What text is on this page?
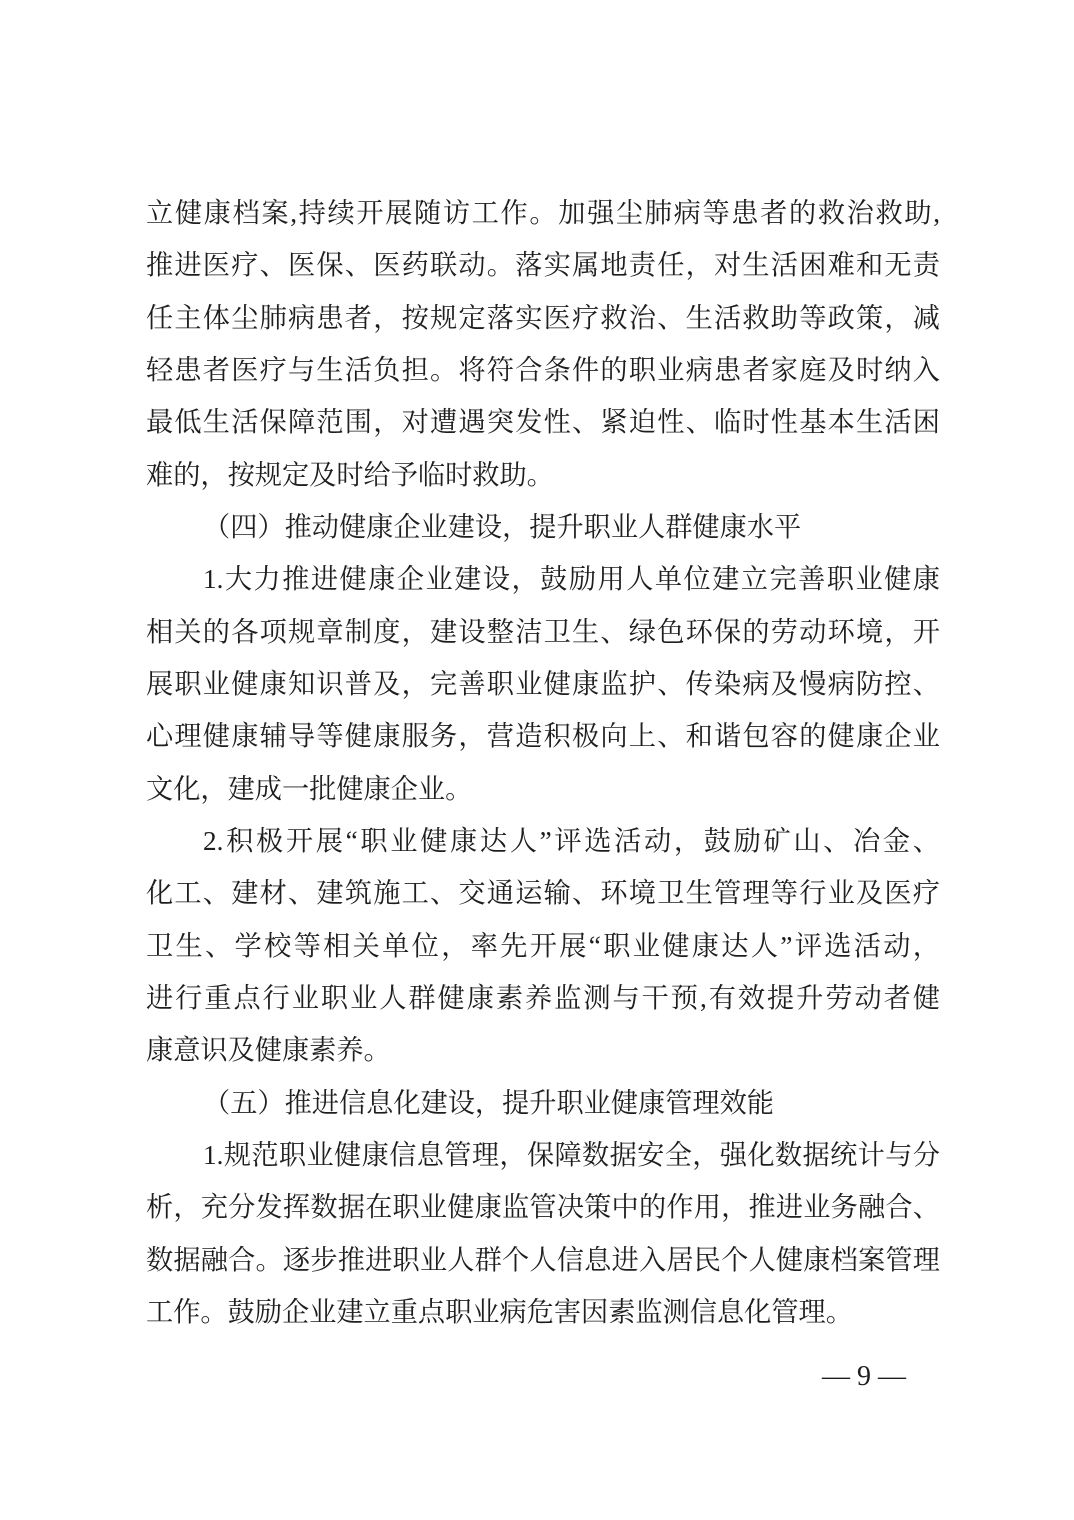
立健康档案,持续开展随访工作。加强尘肺病等患者的救治救助,
推进医疗、医保、医药联动。落实属地责任，对生活困难和无责
任主体尘肺病患者，按规定落实医疗救治、生活救助等政策，减
轻患者医疗与生活负担。将符合条件的职业病患者家庭及时纳入
最低生活保障范围，对遭遇突发性、紧迫性、临时性基本生活困
难的，按规定及时给予临时救助。
（四）推动健康企业建设，提升职业人群健康水平
1.大力推进健康企业建设，鼓励用人单位建立完善职业健康
相关的各项规章制度，建设整洁卫生、绿色环保的劳动环境，开
展职业健康知识普及，完善职业健康监护、传染病及慢病防控、
心理健康辅导等健康服务，营造积极向上、和谐包容的健康企业
文化，建成一批健康企业。
2.积极开展“职业健康达人”评选活动，鼓励矿山、冶金、
化工、建材、建筑施工、交通运输、环境卫生管理等行业及医疗
卫生、学校等相关单位，率先开展“职业健康达人”评选活动，
进行重点行业职业人群健康素养监测与干预,有效提升劳动者健
康意识及健康素养。
（五）推进信息化建设，提升职业健康管理效能
1.规范职业健康信息管理，保障数据安全，强化数据统计与分
析，充分发挥数据在职业健康监管决策中的作用，推进业务融合、
数据融合。逐步推进职业人群个人信息进入居民个人健康档案管理
工作。鼓励企业建立重点职业病危害因素监测信息化管理。
— 9 —
